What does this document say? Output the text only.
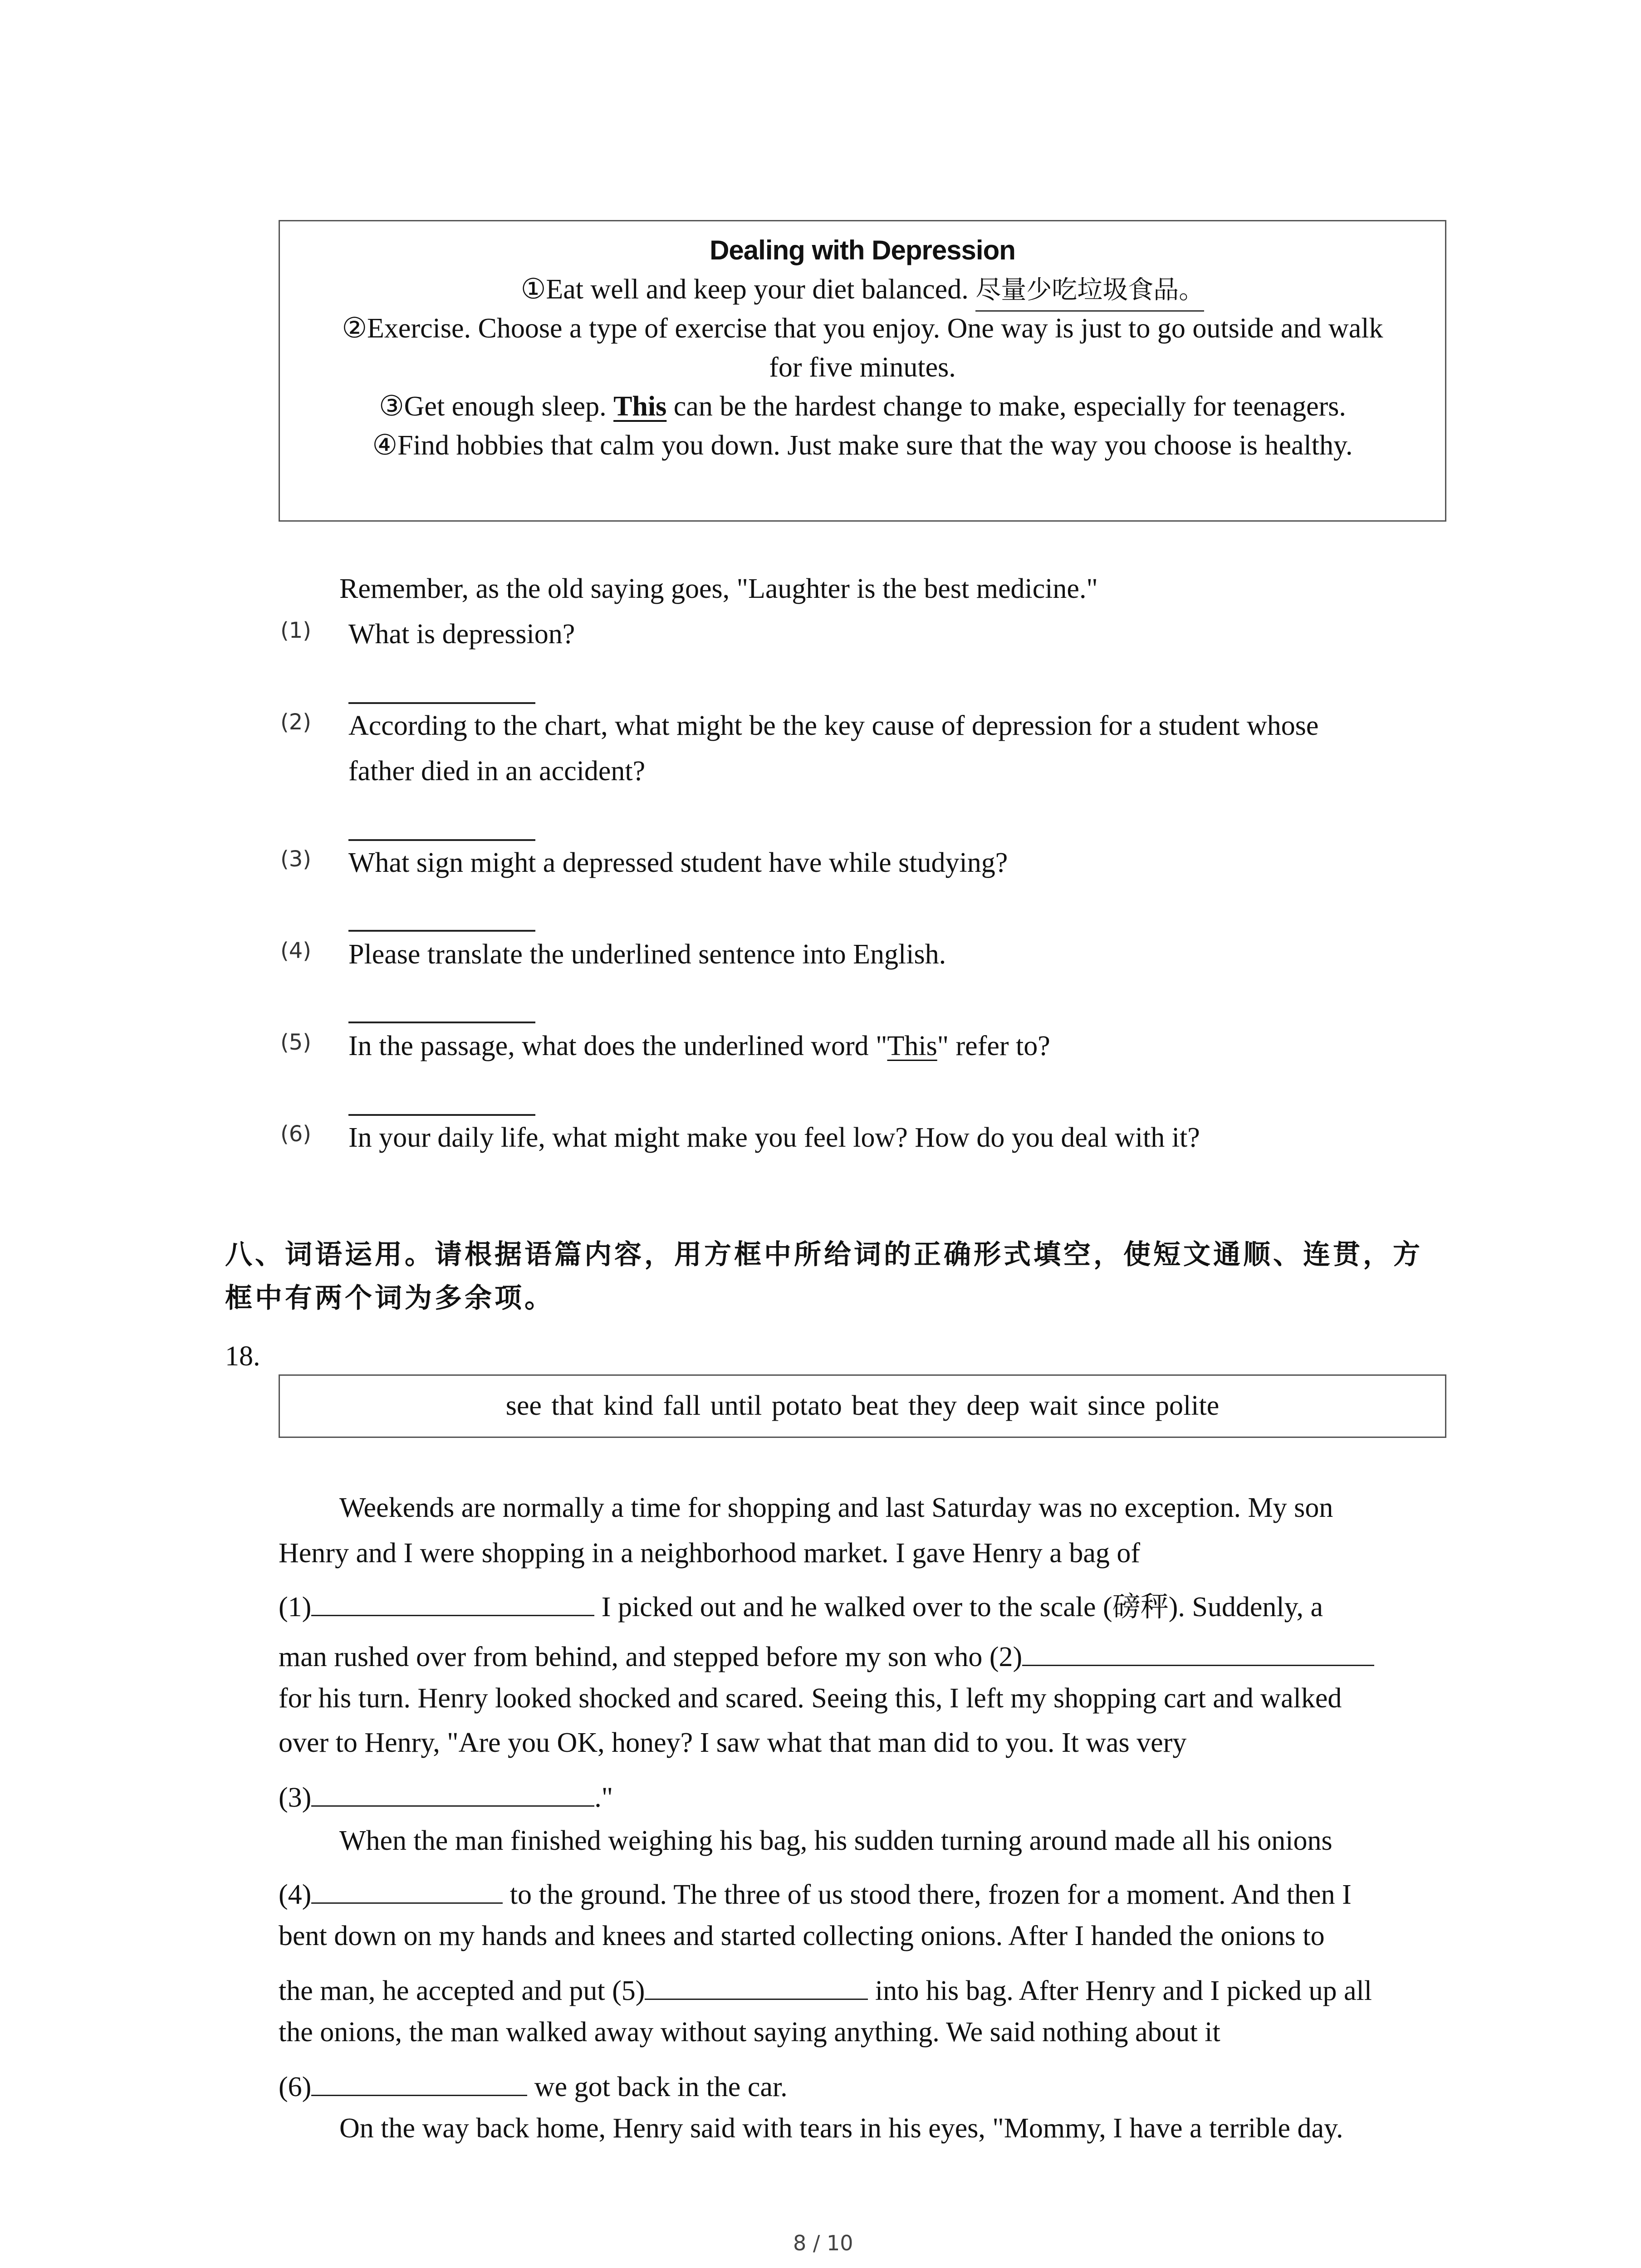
Dealing with Depression
①Eat well and keep your diet balanced. 尽量少吃垃圾食品。
②Exercise. Choose a type of exercise that you enjoy. One way is just to go outside and walk
for five minutes.
③Get enough sleep. This can be the hardest change to make, especially for teenagers.
④Find hobbies that calm you down. Just make sure that the way you choose is healthy.
Remember, as the old saying goes, "Laughter is the best medicine."
(1) What is depression?
(2) According to the chart, what might be the key cause of depression for a student whose
father died in an accident?
(3) What sign might a depressed student have while studying?
(4) Please translate the underlined sentence into English.
(5) In the passage, what does the underlined word "This" refer to?
(6) In your daily life, what might make you feel low? How do you deal with it?
八、词语运用。请根据语篇内容，用方框中所给词的正确形式填空，使短文通顺、连贯，方
框中有两个词为多余项。
18.
see that kind fall until potato beat they deep wait since polite
Weekends are normally a time for shopping and last Saturday was no exception. My son
Henry and I were shopping in a neighborhood market. I gave Henry a bag of
(1)	I picked out and he walked over to the scale (磅秤). Suddenly, a
man rushed over from behind, and stepped before my son who (2)
for his turn. Henry looked shocked and scared. Seeing this, I left my shopping cart and walked
over to Henry, "Are you OK, honey? I saw what that man did to you. It was very
(3)	."
When the man finished weighing his bag, his sudden turning around made all his onions
(4)	to the ground. The three of us stood there, frozen for a moment. And then I
bent down on my hands and knees and started collecting onions. After I handed the onions to
the man, he accepted and put (5)	into his bag. After Henry and I picked up all
the onions, the man walked away without saying anything. We said nothing about it
(6)	we got back in the car.
On the way back home, Henry said with tears in his eyes, "Mommy, I have a terrible day.
8 / 10
